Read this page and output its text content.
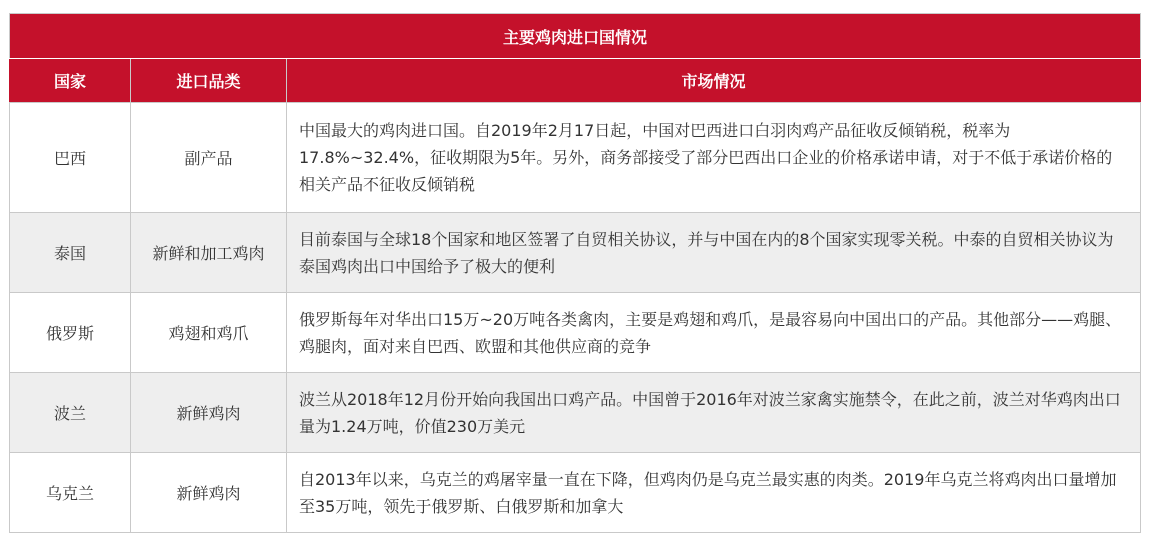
主要鸡肉进口国情况		
国家	进口品类	市场情况
巴西	副产品	中国最大的鸡肉进口国。自2019年2月17日起，中国对巴西进口白羽肉鸡产品征收反倾销税，税率为17.8%~32.4%，征收期限为5年。另外，商务部接受了部分巴西出口企业的价格承诺申请，对于不低于承诺价格的相关产品不征收反倾销税
泰国	新鲜和加工鸡肉	目前泰国与全球18个国家和地区签署了自贸相关协议，并与中国在内的8个国家实现零关税。中泰的自贸相关协议为泰国鸡肉出口中国给予了极大的便利
俄罗斯	鸡翅和鸡爪	俄罗斯每年对华出口15万~20万吨各类禽肉，主要是鸡翅和鸡爪，是最容易向中国出口的产品。其他部分——鸡腿、鸡腿肉，面对来自巴西、欧盟和其他供应商的竞争
波兰	新鲜鸡肉	波兰从2018年12月份开始向我国出口鸡产品。中国曾于2016年对波兰家禽实施禁令，在此之前，波兰对华鸡肉出口量为1.24万吨，价值230万美元
乌克兰	新鲜鸡肉	自2013年以来，乌克兰的鸡屠宰量一直在下降，但鸡肉仍是乌克兰最实惠的肉类。2019年乌克兰将鸡肉出口量增加至35万吨，领先于俄罗斯、白俄罗斯和加拿大
